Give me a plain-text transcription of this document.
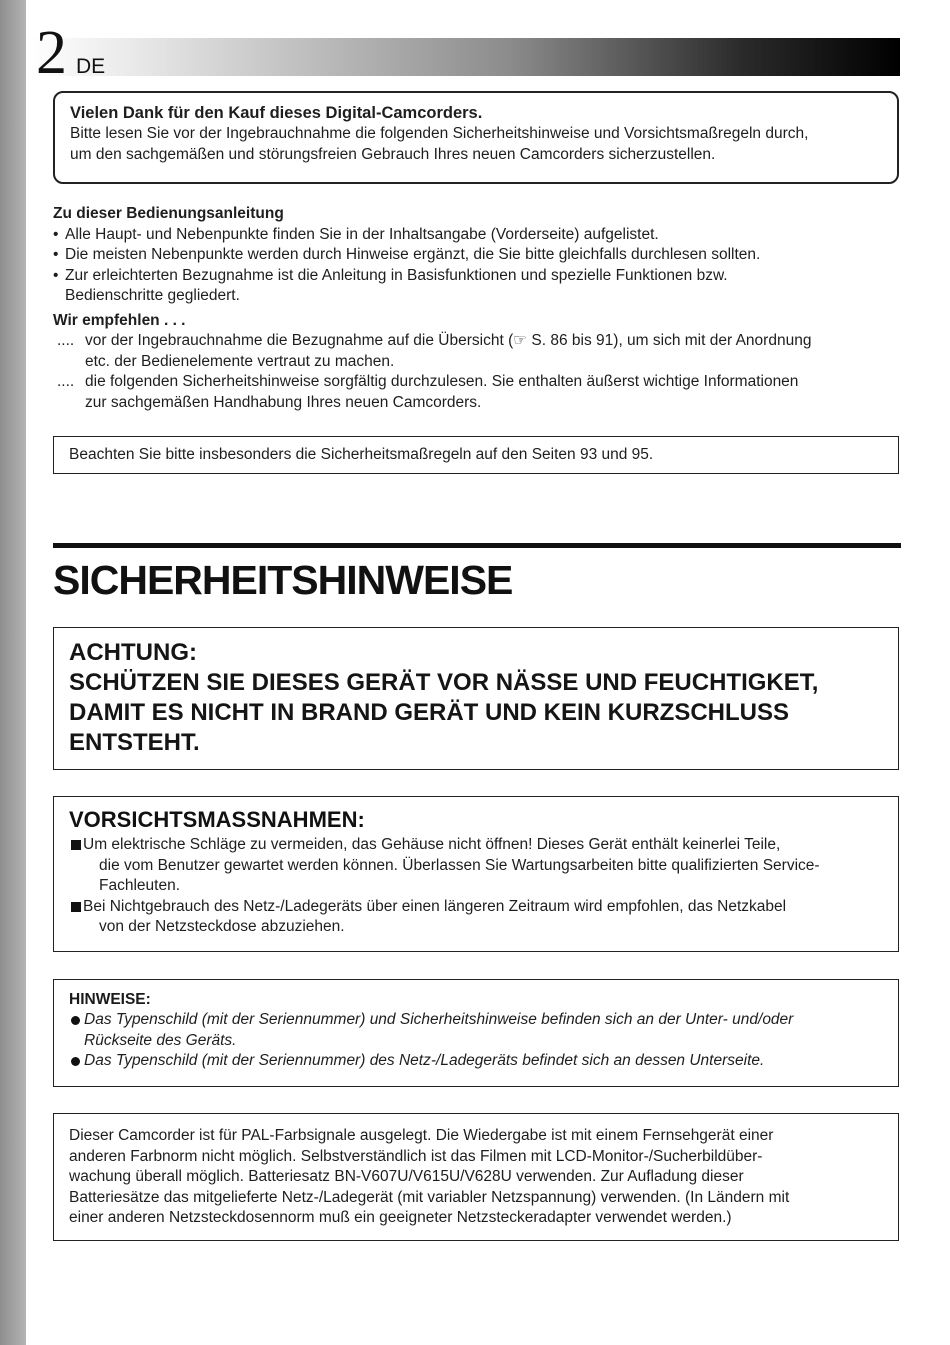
2 DE

Vielen Dank für den Kauf dieses Digital-Camcorders.

Bitte lesen Sie vor der Ingebrauchnahme die folgenden Sicherheitshinweise und Vorsichtsmaßregeln durch,

um den sachgemäßen und störungsfreien Gebrauch Ihres neuen Camcorders sicherzustellen.

Zu dieser Bedienungsanleitung

• Alle Haupt- und Nebenpunkte finden Sie in der Inhaltsangabe (Vorderseite) aufgelistet.

• Die meisten Nebenpunkte werden durch Hinweise ergänzt, die Sie bitte gleichfalls durchlesen sollten.

• Zur erleichterten Bezugnahme ist die Anleitung in Basisfunktionen und spezielle Funktionen bzw.

Bedienschritte gegliedert.

Wir empfehlen . . .

.... vor der Ingebrauchnahme die Bezugnahme auf die Übersicht (☞ S. 86 bis 91), um sich mit der Anordnung

etc. der Bedienelemente vertraut zu machen.

.... die folgenden Sicherheitshinweise sorgfältig durchzulesen. Sie enthalten äußerst wichtige Informationen

zur sachgemäßen Handhabung Ihres neuen Camcorders.

Beachten Sie bitte insbesonders die Sicherheitsmaßregeln auf den Seiten 93 und 95.

SICHERHEITSHINWEISE

ACHTUNG:

SCHÜTZEN SIE DIESES GERÄT VOR NÄSSE UND FEUCHTIGKET,

DAMIT ES NICHT IN BRAND GERÄT UND KEIN KURZSCHLUSS

ENTSTEHT.

VORSICHTSMASSNAHMEN:

Um elektrische Schläge zu vermeiden, das Gehäuse nicht öffnen! Dieses Gerät enthält keinerlei Teile,

die vom Benutzer gewartet werden können. Überlassen Sie Wartungsarbeiten bitte qualifizierten Service-

Fachleuten.

Bei Nichtgebrauch des Netz-/Ladegeräts über einen längeren Zeitraum wird empfohlen, das Netzkabel

von der Netzsteckdose abzuziehen.

HINWEISE:

Das Typenschild (mit der Seriennummer) und Sicherheitshinweise befinden sich an der Unter- und/oder

Rückseite des Geräts.

Das Typenschild (mit der Seriennummer) des Netz-/Ladegeräts befindet sich an dessen Unterseite.

Dieser Camcorder ist für PAL-Farbsignale ausgelegt. Die Wiedergabe ist mit einem Fernsehgerät einer

anderen Farbnorm nicht möglich. Selbstverständlich ist das Filmen mit LCD-Monitor-/Sucherbildüber-

wachung überall möglich. Batteriesatz BN-V607U/V615U/V628U verwenden. Zur Aufladung dieser

Batteriesätze das mitgelieferte Netz-/Ladegerät (mit variabler Netzspannung) verwenden. (In Ländern mit

einer anderen Netzsteckdosennorm muß ein geeigneter Netzsteckeradapter verwendet werden.)
